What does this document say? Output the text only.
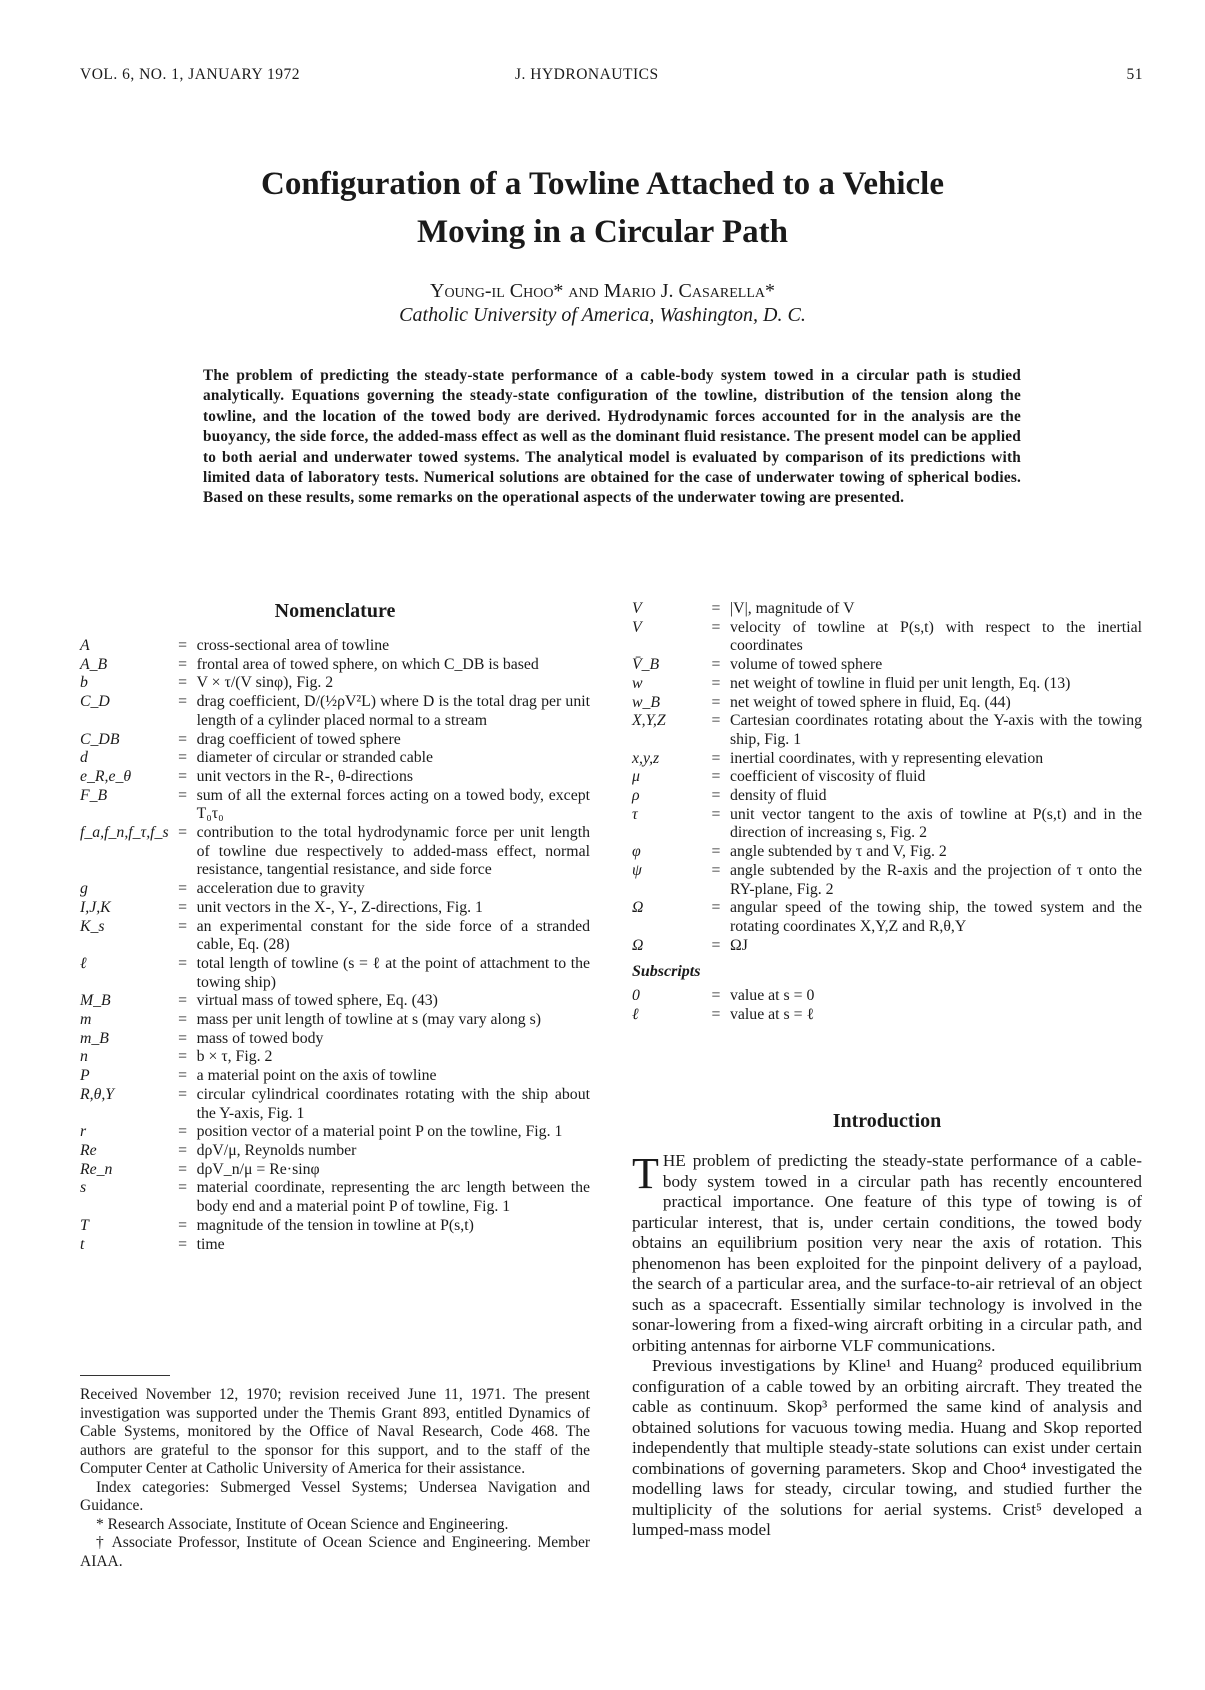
VOL. 6, NO. 1, JANUARY 1972	J. HYDRONAUTICS	51
Configuration of a Towline Attached to a Vehicle
Moving in a Circular Path
Young-il Choo* and Mario J. Casarella*
Catholic University of America, Washington, D. C.
The problem of predicting the steady-state performance of a cable-body system towed in a circular path is studied analytically. Equations governing the steady-state configuration of the towline, distribution of the tension along the towline, and the location of the towed body are derived. Hydrodynamic forces accounted for in the analysis are the buoyancy, the side force, the added-mass effect as well as the dominant fluid resistance. The present model can be applied to both aerial and underwater towed systems. The analytical model is evaluated by comparison of its predictions with limited data of laboratory tests. Numerical solutions are obtained for the case of underwater towing of spherical bodies. Based on these results, some remarks on the operational aspects of the underwater towing are presented.
Nomenclature
A	=	cross-sectional area of towline
A_B	=	frontal area of towed sphere, on which C_DB is based
b	=	V × τ/(V sinφ), Fig. 2
C_D	=	drag coefficient, D/(½ρV²L) where D is the total drag per unit length of a cylinder placed normal to a stream
C_DB	=	drag coefficient of towed sphere
d	=	diameter of circular or stranded cable
e_R,e_θ	=	unit vectors in the R-, θ-directions
F_B	=	sum of all the external forces acting on a towed body, except T₀τ₀
f_a,f_n,f_τ,f_s	=	contribution to the total hydrodynamic force per unit length of towline due respectively to added-mass effect, normal resistance, tangential resistance, and side force
g	=	acceleration due to gravity
I,J,K	=	unit vectors in the X-, Y-, Z-directions, Fig. 1
K_s	=	an experimental constant for the side force of a stranded cable, Eq. (28)
ℓ	=	total length of towline (s = ℓ at the point of attachment to the towing ship)
M_B	=	virtual mass of towed sphere, Eq. (43)
m	=	mass per unit length of towline at s (may vary along s)
m_B	=	mass of towed body
n	=	b × τ, Fig. 2
P	=	a material point on the axis of towline
R,θ,Y	=	circular cylindrical coordinates rotating with the ship about the Y-axis, Fig. 1
r	=	position vector of a material point P on the towline, Fig. 1
Re	=	dρV/μ, Reynolds number
Re_n	=	dρV_n/μ = Re·sinφ
s	=	material coordinate, representing the arc length between the body end and a material point P of towline, Fig. 1
T	=	magnitude of the tension in towline at P(s,t)
t	=	time
V	=	|V|, magnitude of V
V	=	velocity of towline at P(s,t) with respect to the inertial coordinates
V̄_B	=	volume of towed sphere
w	=	net weight of towline in fluid per unit length, Eq. (13)
w_B	=	net weight of towed sphere in fluid, Eq. (44)
X,Y,Z	=	Cartesian coordinates rotating about the Y-axis with the towing ship, Fig. 1
x,y,z	=	inertial coordinates, with y representing elevation
μ	=	coefficient of viscosity of fluid
ρ	=	density of fluid
τ	=	unit vector tangent to the axis of towline at P(s,t) and in the direction of increasing s, Fig. 2
φ	=	angle subtended by τ and V, Fig. 2
ψ	=	angle subtended by the R-axis and the projection of τ onto the RY-plane, Fig. 2
Ω	=	angular speed of the towing ship, the towed system and the rotating coordinates X,Y,Z and R,θ,Y
Ω	=	ΩJ
Subscripts
0	=	value at s = 0
ℓ	=	value at s = ℓ

Received November 12, 1970; revision received June 11, 1971. The present investigation was supported under the Themis Grant 893, entitled Dynamics of Cable Systems, monitored by the Office of Naval Research, Code 468. The authors are grateful to the sponsor for this support, and to the staff of the Computer Center at Catholic University of America for their assistance.

Index categories: Submerged Vessel Systems; Undersea Navigation and Guidance.

* Research Associate, Institute of Ocean Science and Engineering.

† Associate Professor, Institute of Ocean Science and Engineering. Member AIAA.

Introduction

THE problem of predicting the steady-state performance of a cable-body system towed in a circular path has recently encountered practical importance. One feature of this type of towing is of particular interest, that is, under certain conditions, the towed body obtains an equilibrium position very near the axis of rotation. This phenomenon has been exploited for the pinpoint delivery of a payload, the search of a particular area, and the surface-to-air retrieval of an object such as a spacecraft. Essentially similar technology is involved in the sonar-lowering from a fixed-wing aircraft orbiting in a circular path, and orbiting antennas for airborne VLF communications.

Previous investigations by Kline¹ and Huang² produced equilibrium configuration of a cable towed by an orbiting aircraft. They treated the cable as continuum. Skop³ performed the same kind of analysis and obtained solutions for vacuous towing media. Huang and Skop reported independently that multiple steady-state solutions can exist under certain combinations of governing parameters. Skop and Choo⁴ investigated the modelling laws for steady, circular towing, and studied further the multiplicity of the solutions for aerial systems. Crist⁵ developed a lumped-mass model
